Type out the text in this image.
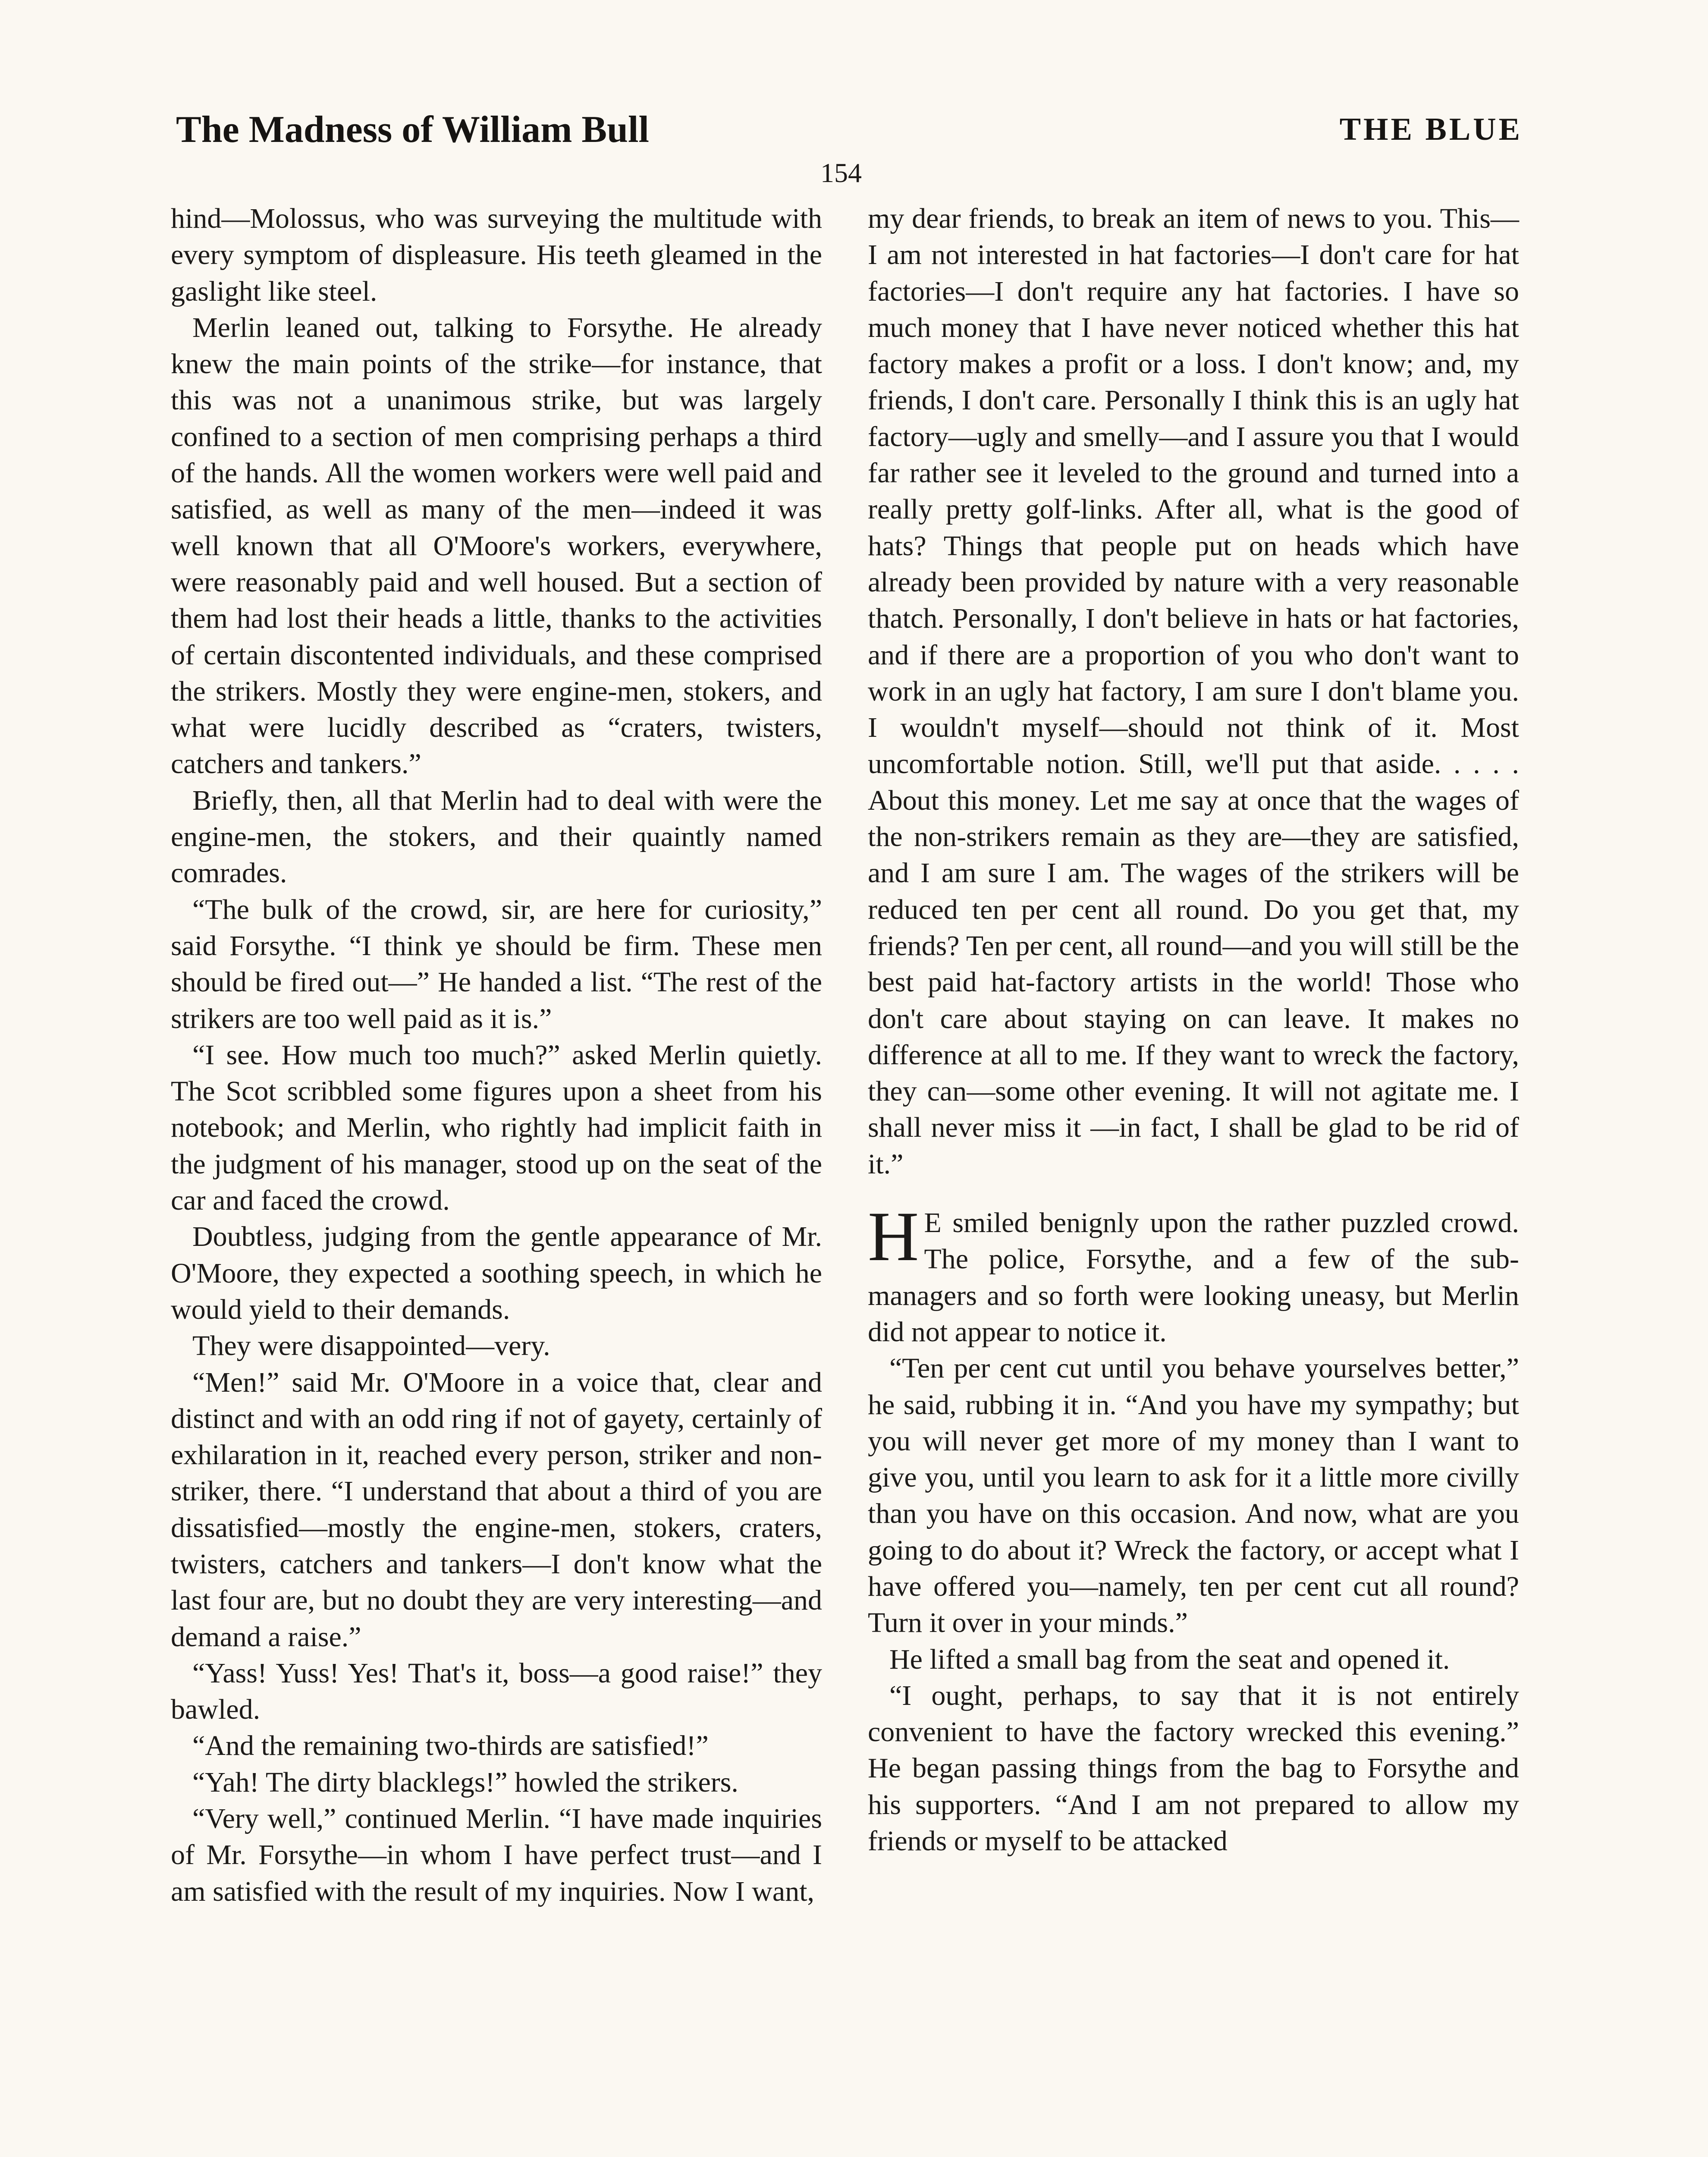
The Madness of William Bull	THE BLUE
154

hind—Molossus, who was surveying the multitude with every symptom of displeasure. His teeth gleamed in the gaslight like steel.

Merlin leaned out, talking to Forsythe. He already knew the main points of the strike—for instance, that this was not a unanimous strike, but was largely confined to a section of men comprising perhaps a third of the hands. All the women workers were well paid and satisfied, as well as many of the men—indeed it was well known that all O'Moore's workers, everywhere, were reasonably paid and well housed. But a section of them had lost their heads a little, thanks to the activities of certain discontented individuals, and these comprised the strikers. Mostly they were engine-men, stokers, and what were lucidly described as “craters, twisters, catchers and tankers.”

Briefly, then, all that Merlin had to deal with were the engine-men, the stokers, and their quaintly named comrades.

“The bulk of the crowd, sir, are here for curiosity,” said Forsythe. “I think ye should be firm. These men should be fired out—” He handed a list. “The rest of the strikers are too well paid as it is.”

“I see. How much too much?” asked Merlin quietly. The Scot scribbled some figures upon a sheet from his notebook; and Merlin, who rightly had implicit faith in the judgment of his manager, stood up on the seat of the car and faced the crowd.

Doubtless, judging from the gentle appearance of Mr. O'Moore, they expected a soothing speech, in which he would yield to their demands.

They were disappointed—very.

“Men!” said Mr. O'Moore in a voice that, clear and distinct and with an odd ring if not of gayety, certainly of exhilaration in it, reached every person, striker and non-striker, there. “I understand that about a third of you are dissatisfied—mostly the engine-men, stokers, craters, twisters, catchers and tankers—I don't know what the last four are, but no doubt they are very interesting—and demand a raise.”

“Yass! Yuss! Yes! That's it, boss—a good raise!” they bawled.

“And the remaining two-thirds are satisfied!”

“Yah! The dirty blacklegs!” howled the strikers.

“Very well,” continued Merlin. “I have made inquiries of Mr. Forsythe—in whom I have perfect trust—and I am satisfied with the result of my inquiries. Now I want,

my dear friends, to break an item of news to you. This—I am not interested in hat factories—I don't care for hat factories—I don't require any hat factories. I have so much money that I have never noticed whether this hat factory makes a profit or a loss. I don't know; and, my friends, I don't care. Personally I think this is an ugly hat factory—ugly and smelly—and I assure you that I would far rather see it leveled to the ground and turned into a really pretty golf-links. After all, what is the good of hats? Things that people put on heads which have already been provided by nature with a very reasonable thatch. Personally, I don't believe in hats or hat factories, and if there are a proportion of you who don't want to work in an ugly hat factory, I am sure I don't blame you. I wouldn't myself—should not think of it. Most uncomfortable notion. Still, we'll put that aside. . . . . About this money. Let me say at once that the wages of the non-strikers remain as they are—they are satisfied, and I am sure I am. The wages of the strikers will be reduced ten per cent all round. Do you get that, my friends? Ten per cent, all round—and you will still be the best paid hat-factory artists in the world! Those who don't care about staying on can leave. It makes no difference at all to me. If they want to wreck the factory, they can—some other evening. It will not agitate me. I shall never miss it —in fact, I shall be glad to be rid of it.”

H E smiled benignly upon the rather puzzled crowd. The police, Forsythe, and a few of the sub-managers and so forth were looking uneasy, but Merlin did not appear to notice it.

“Ten per cent cut until you behave yourselves better,” he said, rubbing it in. “And you have my sympathy; but you will never get more of my money than I want to give you, until you learn to ask for it a little more civilly than you have on this occasion. And now, what are you going to do about it? Wreck the factory, or accept what I have offered you—namely, ten per cent cut all round? Turn it over in your minds.”

He lifted a small bag from the seat and opened it.

“I ought, perhaps, to say that it is not entirely convenient to have the factory wrecked this evening.” He began passing things from the bag to Forsythe and his supporters. “And I am not prepared to allow my friends or myself to be attacked
